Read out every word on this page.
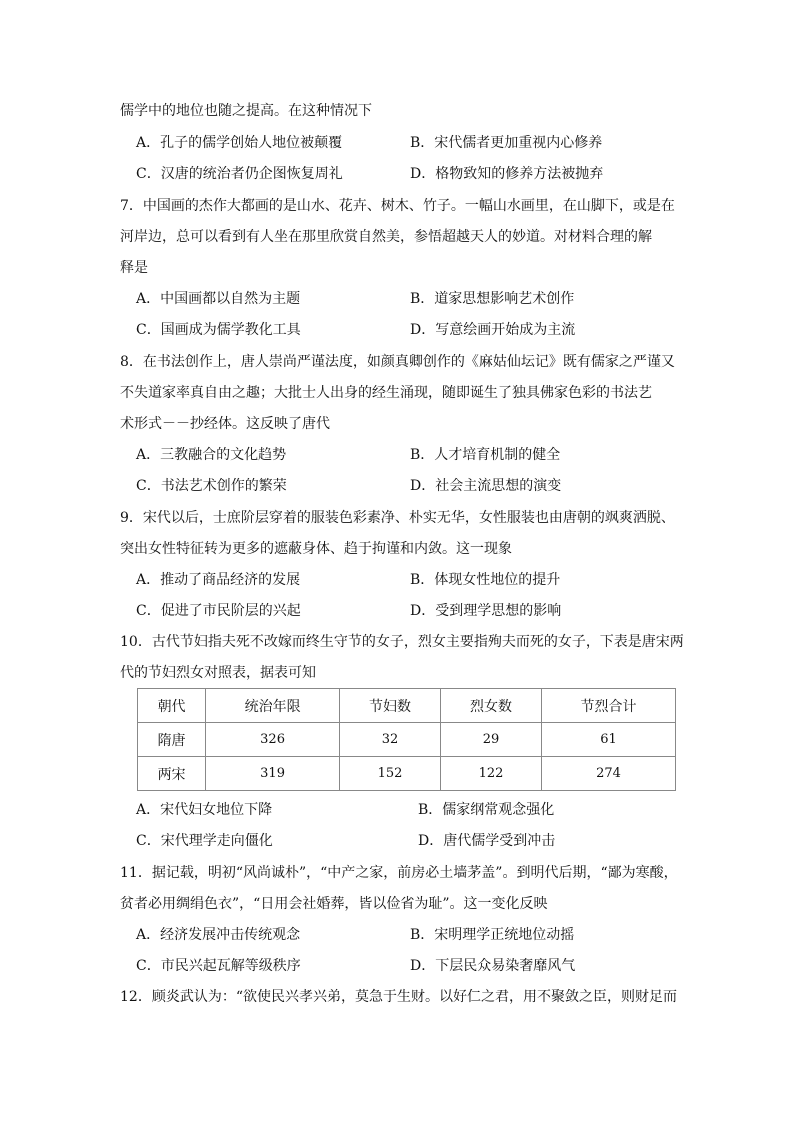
儒学中的地位也随之提高。在这种情况下
A．孔子的儒学创始人地位被颠覆	B．宋代儒者更加重视内心修养
C．汉唐的统治者仍企图恢复周礼	D．格物致知的修养方法被抛弃
7．中国画的杰作大都画的是山水、花卉、树木、竹子。一幅山水画里，在山脚下，或是在
河岸边，总可以看到有人坐在那里欣赏自然美，参悟超越天人的妙道。对材料合理的解
释是
A．中国画都以自然为主题	B．道家思想影响艺术创作
C．国画成为儒学教化工具	D．写意绘画开始成为主流
8．在书法创作上，唐人崇尚严谨法度，如颜真卿创作的《麻姑仙坛记》既有儒家之严谨又
不失道家率真自由之趣；大批士人出身的经生涌现，随即诞生了独具佛家色彩的书法艺
术形式－－抄经体。这反映了唐代
A．三教融合的文化趋势	B．人才培育机制的健全
C．书法艺术创作的繁荣	D．社会主流思想的演变
9．宋代以后，士庶阶层穿着的服装色彩素净、朴实无华，女性服装也由唐朝的飒爽洒脱、
突出女性特征转为更多的遮蔽身体、趋于拘谨和内敛。这一现象
A．推动了商品经济的发展	B．体现女性地位的提升
C．促进了市民阶层的兴起	D．受到理学思想的影响
10．古代节妇指夫死不改嫁而终生守节的女子，烈女主要指殉夫而死的女子，下表是唐宋两
代的节妇烈女对照表，据表可知
朝代	统治年限	节妇数	烈女数	节烈合计
隋唐	326	32	29	61
两宋	319	152	122	274
A．宋代妇女地位下降	B．儒家纲常观念强化
C．宋代理学走向僵化	D．唐代儒学受到冲击
11．据记载，明初“风尚诚朴”，“中产之家，前房必土墙茅盖”。到明代后期，“鄙为寒酸，
贫者必用绸绢色衣”，“日用会社婚葬，皆以俭省为耻”。这一变化反映
A．经济发展冲击传统观念	B．宋明理学正统地位动摇
C．市民兴起瓦解等级秩序	D．下层民众易染奢靡风气
12．顾炎武认为：“欲使民兴孝兴弟，莫急于生财。以好仁之君，用不聚敛之臣，则财足而
